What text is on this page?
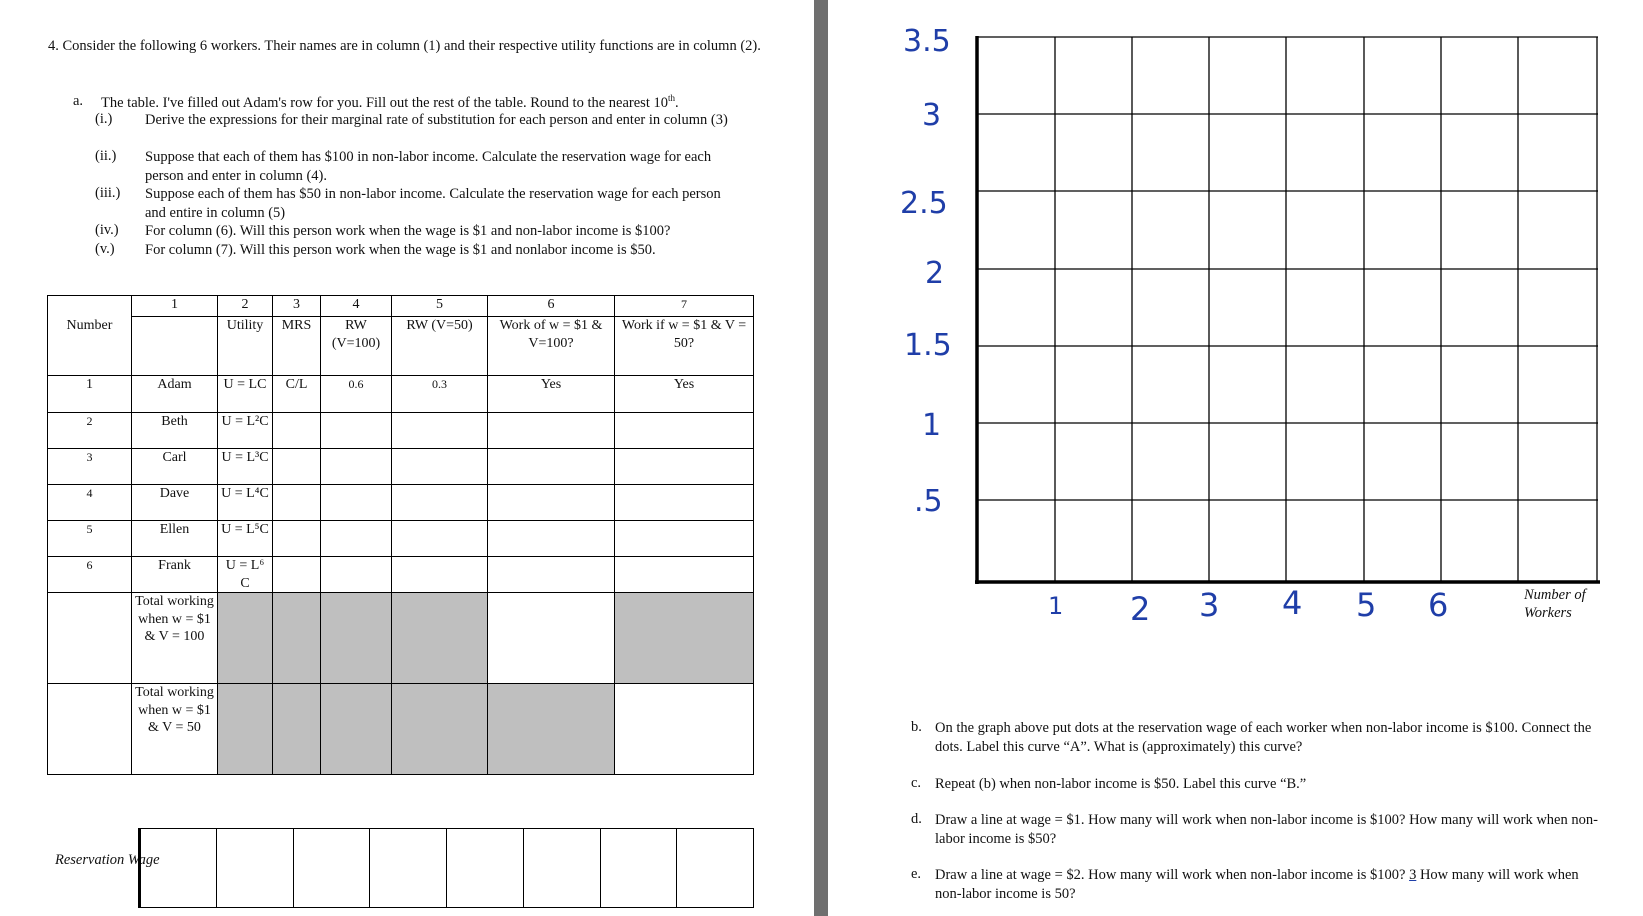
4. Consider the following 6 workers. Their names are in column (1) and their respective utility functions are in column (2).
a. The table. I've filled out Adam's row for you. Fill out the rest of the table. Round to the nearest 10th.
(i.) Derive the expressions for their marginal rate of substitution for each person and enter in column (3)
(ii.) Suppose that each of them has $100 in non-labor income. Calculate the reservation wage for each person and enter in column (4).
(iii.) Suppose each of them has $50 in non-labor income. Calculate the reservation wage for each person and entire in column (5)
(iv.) For column (6). Will this person work when the wage is $1 and non-labor income is $100?
(v.) For column (7). Will this person work when the wage is $1 and nonlabor income is $50.
	1	2	3	4	5	6	7
Number		Utility	MRS	RW (V=100)	RW (V=50)	Work of w = $1 & V=100?	Work if w = $1 & V = 50?
1	Adam	U = LC	C/L	0.6	0.3	Yes	Yes
2	Beth	U = L²C					
3	Carl	U = L³C					
4	Dave	U = L⁴C					
5	Ellen	U = L⁵C					
6	Frank	U = L⁶ C					
	Total working when w = $1 & V = 100						
	Total working when w = $1 & V = 50						
Reservation Wage

3.5
3
2.5
2
1.5
1
.5
1 2 3 4 5 6	Number of Workers
b. On the graph above put dots at the reservation wage of each worker when non-labor income is $100. Connect the dots. Label this curve “A”. What is (approximately) this curve?
c. Repeat (b) when non-labor income is $50. Label this curve “B.”
d. Draw a line at wage = $1. How many will work when non-labor income is $100? How many will work when non-labor income is $50?
e. Draw a line at wage = $2. How many will work when non-labor income is $100? 3 How many will work when non-labor income is 50?
